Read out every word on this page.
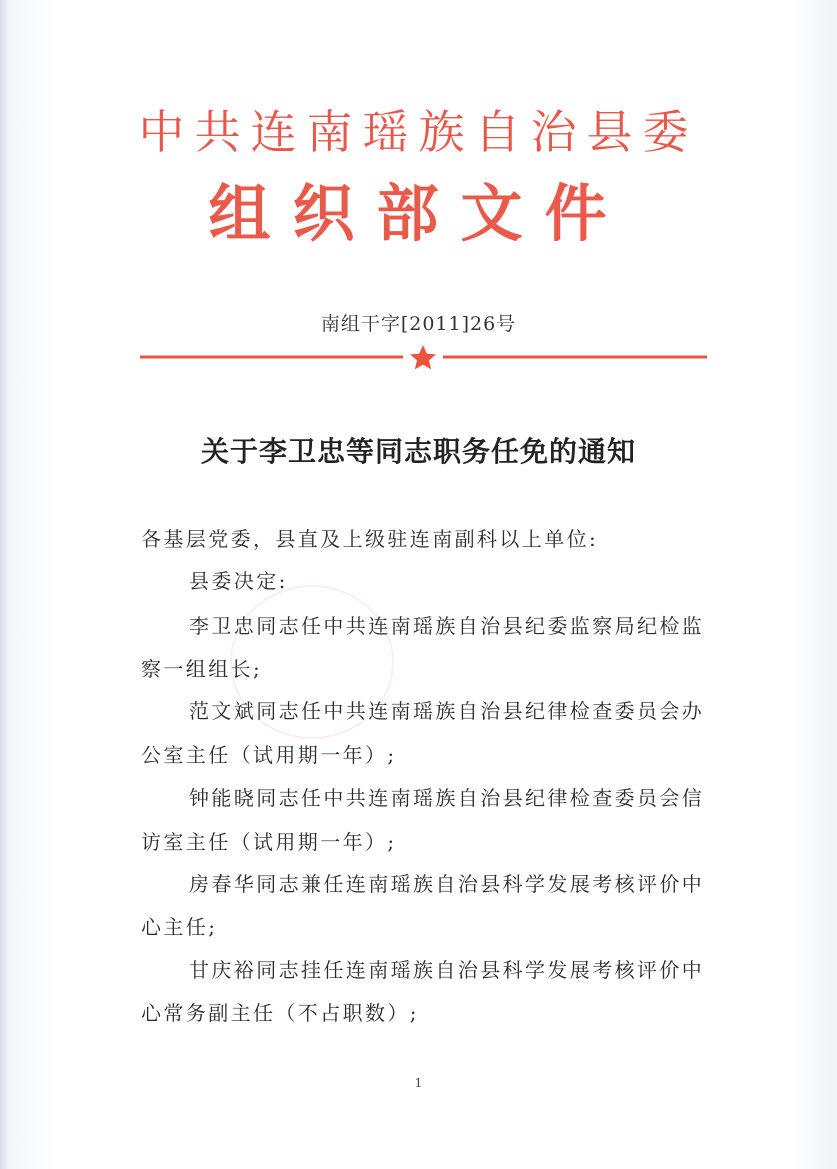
中共连南瑶族自治县委
组织部文件
南组干字[2011]26号
关于李卫忠等同志职务任免的通知
各基层党委，县直及上级驻连南副科以上单位:
县委决定:
李卫忠同志任中共连南瑶族自治县纪委监察局纪检监
察一组组长;
范文斌同志任中共连南瑶族自治县纪律检查委员会办
公室主任（试用期一年）;
钟能晓同志任中共连南瑶族自治县纪律检查委员会信
访室主任（试用期一年）;
房春华同志兼任连南瑶族自治县科学发展考核评价中
心主任;
甘庆裕同志挂任连南瑶族自治县科学发展考核评价中
心常务副主任（不占职数）;
1
